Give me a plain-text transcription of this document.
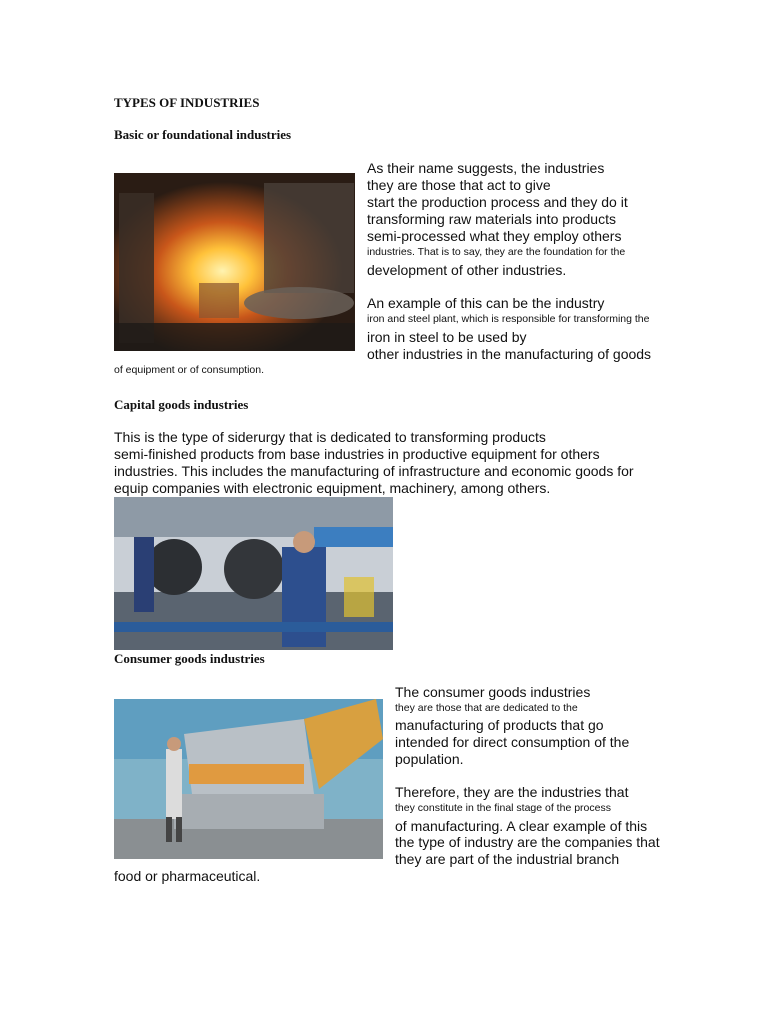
TYPES OF INDUSTRIES
Basic or foundational industries
As their name suggests, the industries
they are those that act to give
start the production process and they do it
transforming raw materials into products
semi-processed what they employ others
industries. That is to say, they are the foundation for the
development of other industries.
An example of this can be the industry
iron and steel plant, which is responsible for transforming the
iron in steel to be used by
other industries in the manufacturing of goods
of equipment or of consumption.
Capital goods industries
This is the type of siderurgy that is dedicated to transforming products
semi-finished products from base industries in productive equipment for others
industries. This includes the manufacturing of infrastructure and economic goods for
equip companies with electronic equipment, machinery, among others.
Consumer goods industries
The consumer goods industries
they are those that are dedicated to the
manufacturing of products that go
intended for direct consumption of the
population.
Therefore, they are the industries that
they constitute in the final stage of the process
of manufacturing. A clear example of this
the type of industry are the companies that
they are part of the industrial branch
food or pharmaceutical.
